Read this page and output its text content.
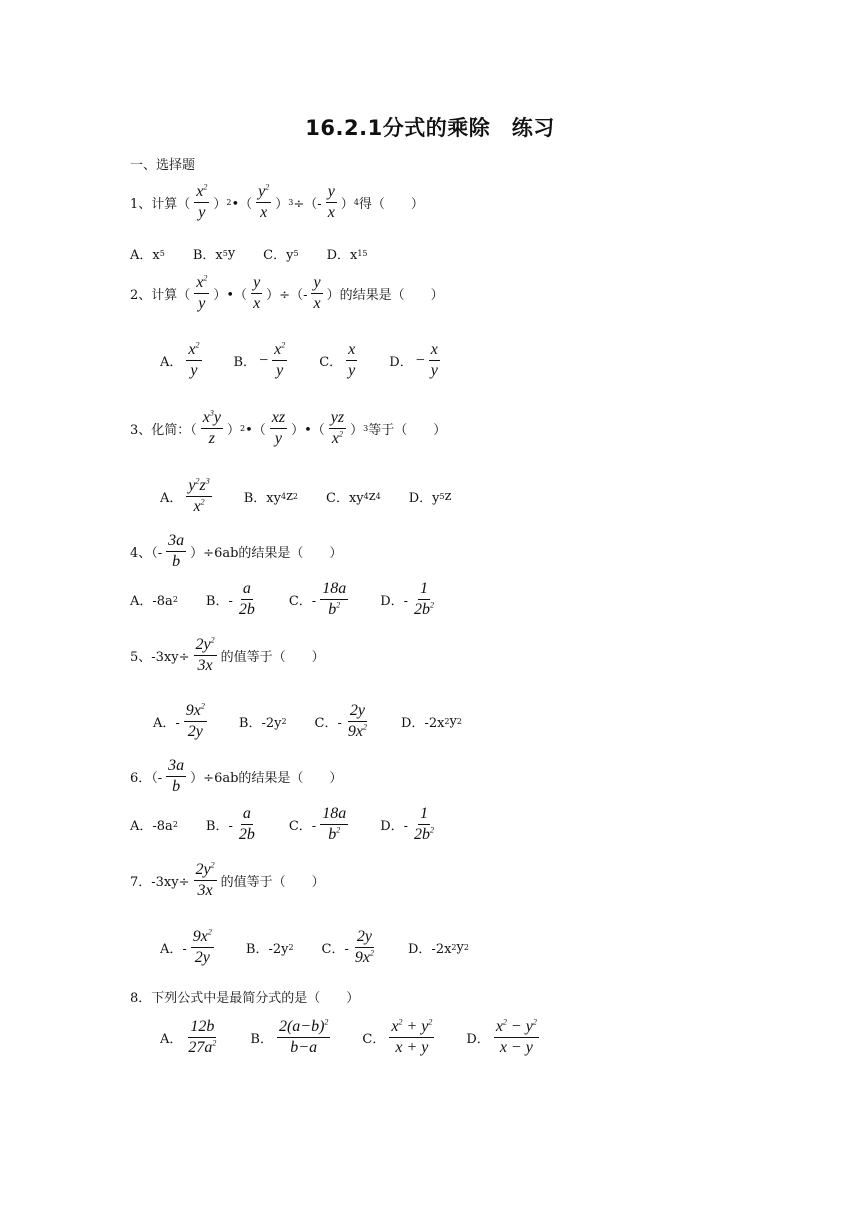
16.2.1分式的乘除　练习
一、选择题
1、计算（ $\frac{x^2}{y}$ ） 2 •（ $\frac{y^2}{x}$ ） 3 ÷（- $\frac{y}{x}$ ） 4 得（　　）
A．x 5 B．x 5 y C．y 5 D．x 15
2、计算（ $\frac{x^2}{y}$ ）•（ $\frac{y}{x}$ ）÷（- $\frac{y}{x}$ ）的结果是（　　）
A． $\frac{x^2}{y}$ B． − $\frac{x^2}{y}$ C． $\frac{x}{y}$ D． − $\frac{x}{y}$
3、化简：（ $\frac{x^3y}{z}$ ） 2 •（ $\frac{xz}{y}$ ）•（ $\frac{yz}{x^2}$ ） 3 等于（　　）
A． $\frac{y^2z^3}{x^2}$ B．xy 4 z 2 C．xy 4 z 4 D．y 5 z
4、（- $\frac{3a}{b} )\div 6ab$的结果是（　　）
A．-8a 2 B．- $\frac{a}{2b}$ C．- $\frac{18a}{b^2}$ D．- $\frac{1}{2b^2}$
5、$-3xy\div \frac{2y^2}{3x}$ 的值等于（　　）
A．- $\frac{9x^2}{2y}$ B．-2y 2 C．- $\frac{2y}{9x^2}$ D．-2x 2 y 2
6．（- $\frac{3a}{b} )\div 6ab$的结果是（　　）
A．-8a 2 B．- $\frac{a}{2b}$ C．- $\frac{18a}{b^2}$ D．- $\frac{1}{2b^2}$
7．$-3xy\div \frac{2y^2}{3x}$ 的值等于（　　）
A．- $\frac{9x^2}{2y}$ B．-2y 2 C．- $\frac{2y}{9x^2}$ D．-2x 2 y 2
8．下列公式中是最简分式的是（　　）
A． $\frac{12b}{27a^2}$ B． $\frac{2(a-b)^2}{b-a}$ C． $\frac{x^2 + y^2}{x + y}$ D． $\frac{x^2 - y^2}{x - y}$
